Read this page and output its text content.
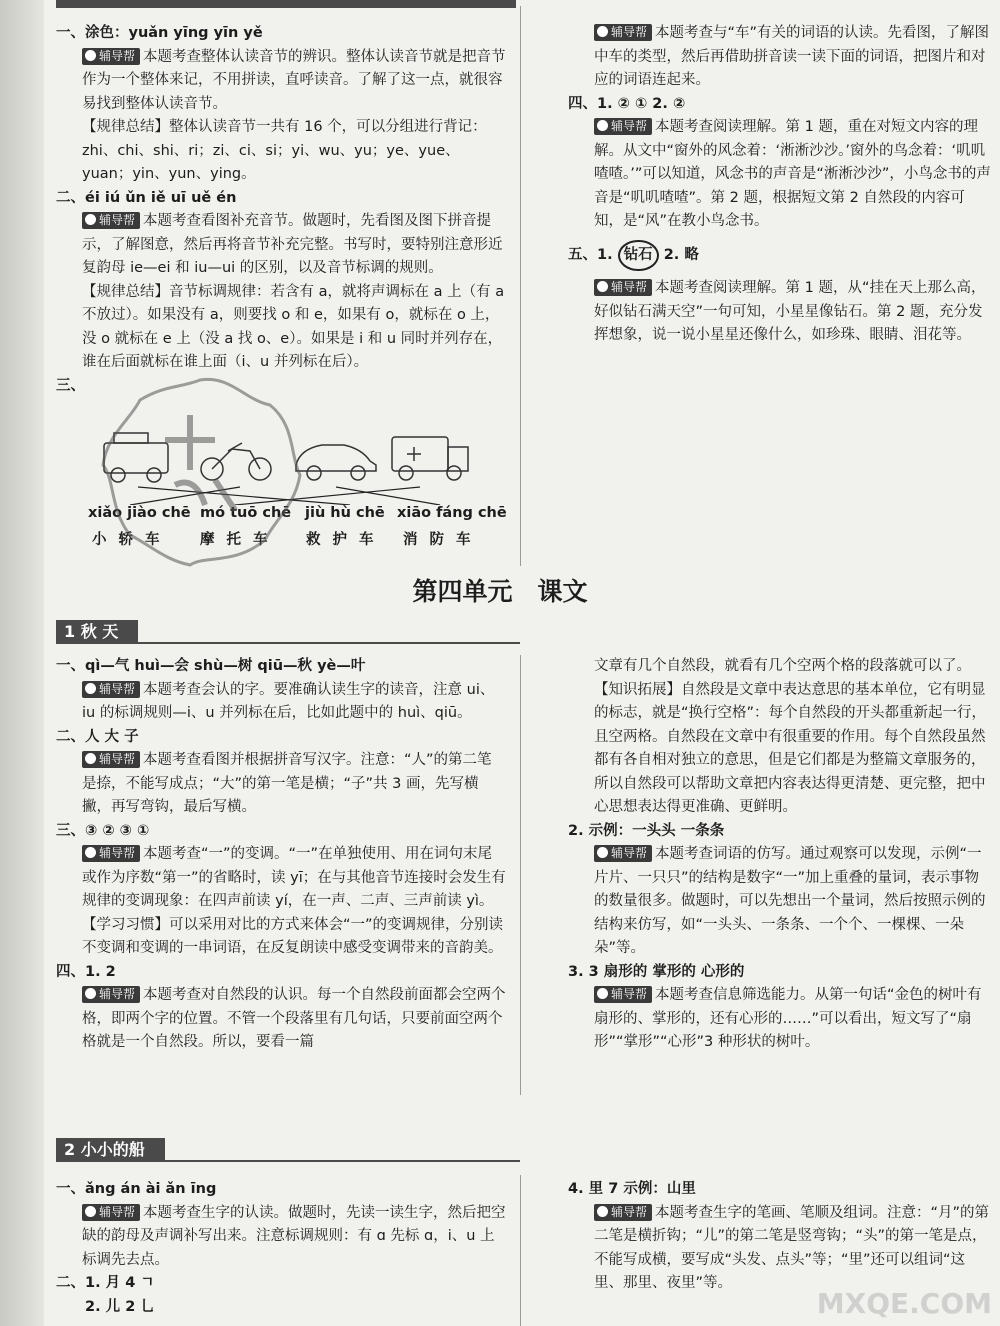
一、涂色：yuǎn yīng yīn yě

辅导帮 本题考查整体认读音节的辨识。整体认读音节就是把音节作为一个整体来记，不用拼读，直呼读音。了解了这一点，就很容易找到整体认读音节。

【规律总结】整体认读音节一共有 16 个，可以分组进行背记：zhi、chi、shi、ri；zi、ci、si；yi、wu、yu；ye、yue、yuan；yin、yun、ying。

二、éi iú ǔn iě uī uě én

辅导帮 本题考查看图补充音节。做题时，先看图及图下拼音提示，了解图意，然后再将音节补充完整。书写时，要特别注意形近复韵母 ie—ei 和 iu—ui 的区别，以及音节标调的规则。

【规律总结】音节标调规律：若含有 a，就将声调标在 a 上（有 a 不放过）。如果没有 a，则要找 o 和 e，如果有 o，就标在 o 上，没 o 就标在 e 上（没 a 找 o、e）。如果是 i 和 u 同时并列存在，谁在后面就标在谁上面（i、u 并列标在后）。

三、

辅导帮 本题考查与“车”有关的词语的认读。先看图，了解图中车的类型，然后再借助拼音读一读下面的词语，把图片和对应的词语连起来。

四、1. ② ① 2. ②

辅导帮 本题考查阅读理解。第 1 题，重在对短文内容的理解。从文中“窗外的风念着：‘淅淅沙沙。’窗外的鸟念着：‘叽叽喳喳。’”可以知道，风念书的声音是“淅淅沙沙”，小鸟念书的声音是“叽叽喳喳”。第 2 题，根据短文第 2 自然段的内容可知，是“风”在教小鸟念书。

五、1. 钻石 2. 略

辅导帮 本题考查阅读理解。第 1 题，从“挂在天上那么高，好似钻石满天空”一句可知，小星星像钻石。第 2 题，充分发挥想象，说一说小星星还像什么，如珍珠、眼睛、泪花等。

xiǎo jiào chē mó tuō chē jiù hù chē xiāo fáng chē
小轿车 摩托车 救护车 消防车
第四单元　课文
1 秋 天

一、qì—气 huì—会 shù—树 qiū—秋 yè—叶

辅导帮 本题考查会认的字。要准确认读生字的读音，注意 ui、iu 的标调规则—i、u 并列标在后，比如此题中的 huì、qiū。

二、人 大 子

辅导帮 本题考查看图并根据拼音写汉字。注意：“人”的第二笔是捺，不能写成点；“大”的第一笔是横；“子”共 3 画，先写横撇，再写弯钩，最后写横。

三、③ ② ③ ①

辅导帮 本题考查“一”的变调。“一”在单独使用、用在词句末尾或作为序数“第一”的省略时，读 yī；在与其他音节连接时会发生有规律的变调现象：在四声前读 yí，在一声、二声、三声前读 yì。

【学习习惯】可以采用对比的方式来体会“一”的变调规律，分别读不变调和变调的一串词语，在反复朗读中感受变调带来的音韵美。

四、1. 2

辅导帮 本题考查对自然段的认识。每一个自然段前面都会空两个格，即两个字的位置。不管一个段落里有几句话，只要前面空两个格就是一个自然段。所以，要看一篇

文章有几个自然段，就看有几个空两个格的段落就可以了。

【知识拓展】自然段是文章中表达意思的基本单位，它有明显的标志，就是“换行空格”：每个自然段的开头都重新起一行，且空两格。自然段在文章中有很重要的作用。每个自然段虽然都有各自相对独立的意思，但是它们都是为整篇文章服务的，所以自然段可以帮助文章把内容表达得更清楚、更完整，把中心思想表达得更准确、更鲜明。

2. 示例：一头头 一条条

辅导帮 本题考查词语的仿写。通过观察可以发现，示例“一片片、一只只”的结构是数字“一”加上重叠的量词，表示事物的数量很多。做题时，可以先想出一个量词，然后按照示例的结构来仿写，如“一头头、一条条、一个个、一棵棵、一朵朵”等。

3. 3 扇形的 掌形的 心形的

辅导帮 本题考查信息筛选能力。从第一句话“金色的树叶有扇形的、掌形的，还有心形的……”可以看出，短文写了“扇形”“掌形”“心形”3 种形状的树叶。

2 小小的船

一、ǎng án ài ǎn īng

辅导帮 本题考查生字的认读。做题时，先读一读生字，然后把空缺的韵母及声调补写出来。注意标调规则：有 ɑ 先标 ɑ，i、u 上标调先去点。

二、1. 月 4 ㄱ

　　2. 儿 2 乚

4. 里 7 示例：山里

辅导帮 本题考查生字的笔画、笔顺及组词。注意：“月”的第二笔是横折钩；“儿”的第二笔是竖弯钩；“头”的第一笔是点，不能写成横，要写成“头发、点头”等；“里”还可以组词“这里、那里、夜里”等。

MXQE.COM
